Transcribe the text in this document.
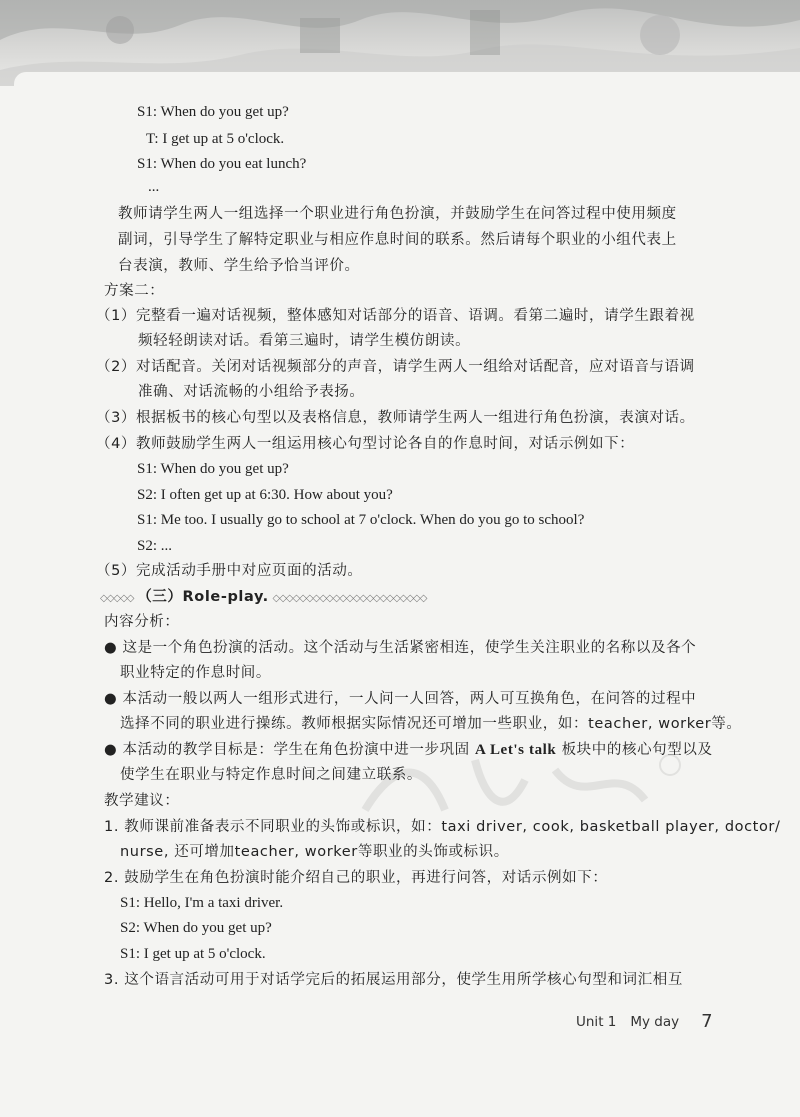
S1: When do you get up?
T: I get up at 5 o'clock.
S1: When do you eat lunch?
...
教师请学生两人一组选择一个职业进行角色扮演，并鼓励学生在问答过程中使用频度
副词，引导学生了解特定职业与相应作息时间的联系。然后请每个职业的小组代表上
台表演，教师、学生给予恰当评价。
方案二：
（1）完整看一遍对话视频，整体感知对话部分的语音、语调。看第二遍时，请学生跟着视
频轻轻朗读对话。看第三遍时，请学生模仿朗读。
（2）对话配音。关闭对话视频部分的声音，请学生两人一组给对话配音，应对语音与语调
准确、对话流畅的小组给予表扬。
（3）根据板书的核心句型以及表格信息，教师请学生两人一组进行角色扮演，表演对话。
（4）教师鼓励学生两人一组运用核心句型讨论各自的作息时间，对话示例如下：
S1: When do you get up?
S2: I often get up at 6:30. How about you?
S1: Me too. I usually go to school at 7 o'clock. When do you go to school?
S2: ...
（5）完成活动手册中对应页面的活动。
◇◇◇◇◇ （三）Role-play. ◇◇◇◇◇◇◇◇◇◇◇◇◇◇◇◇◇◇◇◇◇◇◇
内容分析：
● 这是一个角色扮演的活动。这个活动与生活紧密相连，使学生关注职业的名称以及各个
职业特定的作息时间。
● 本活动一般以两人一组形式进行，一人问一人回答，两人可互换角色，在问答的过程中
选择不同的职业进行操练。教师根据实际情况还可增加一些职业，如：teacher, worker等。
● 本活动的教学目标是：学生在角色扮演中进一步巩固 A Let's talk 板块中的核心句型以及
使学生在职业与特定作息时间之间建立联系。
教学建议：
1. 教师课前准备表示不同职业的头饰或标识，如：taxi driver, cook, basketball player, doctor/
nurse, 还可增加teacher, worker等职业的头饰或标识。
2. 鼓励学生在角色扮演时能介绍自己的职业，再进行问答，对话示例如下：
S1: Hello, I'm a taxi driver.
S2: When do you get up?
S1: I get up at 5 o'clock.
3. 这个语言活动可用于对话学完后的拓展运用部分，使学生用所学核心句型和词汇相互
Unit 1 My day 7
